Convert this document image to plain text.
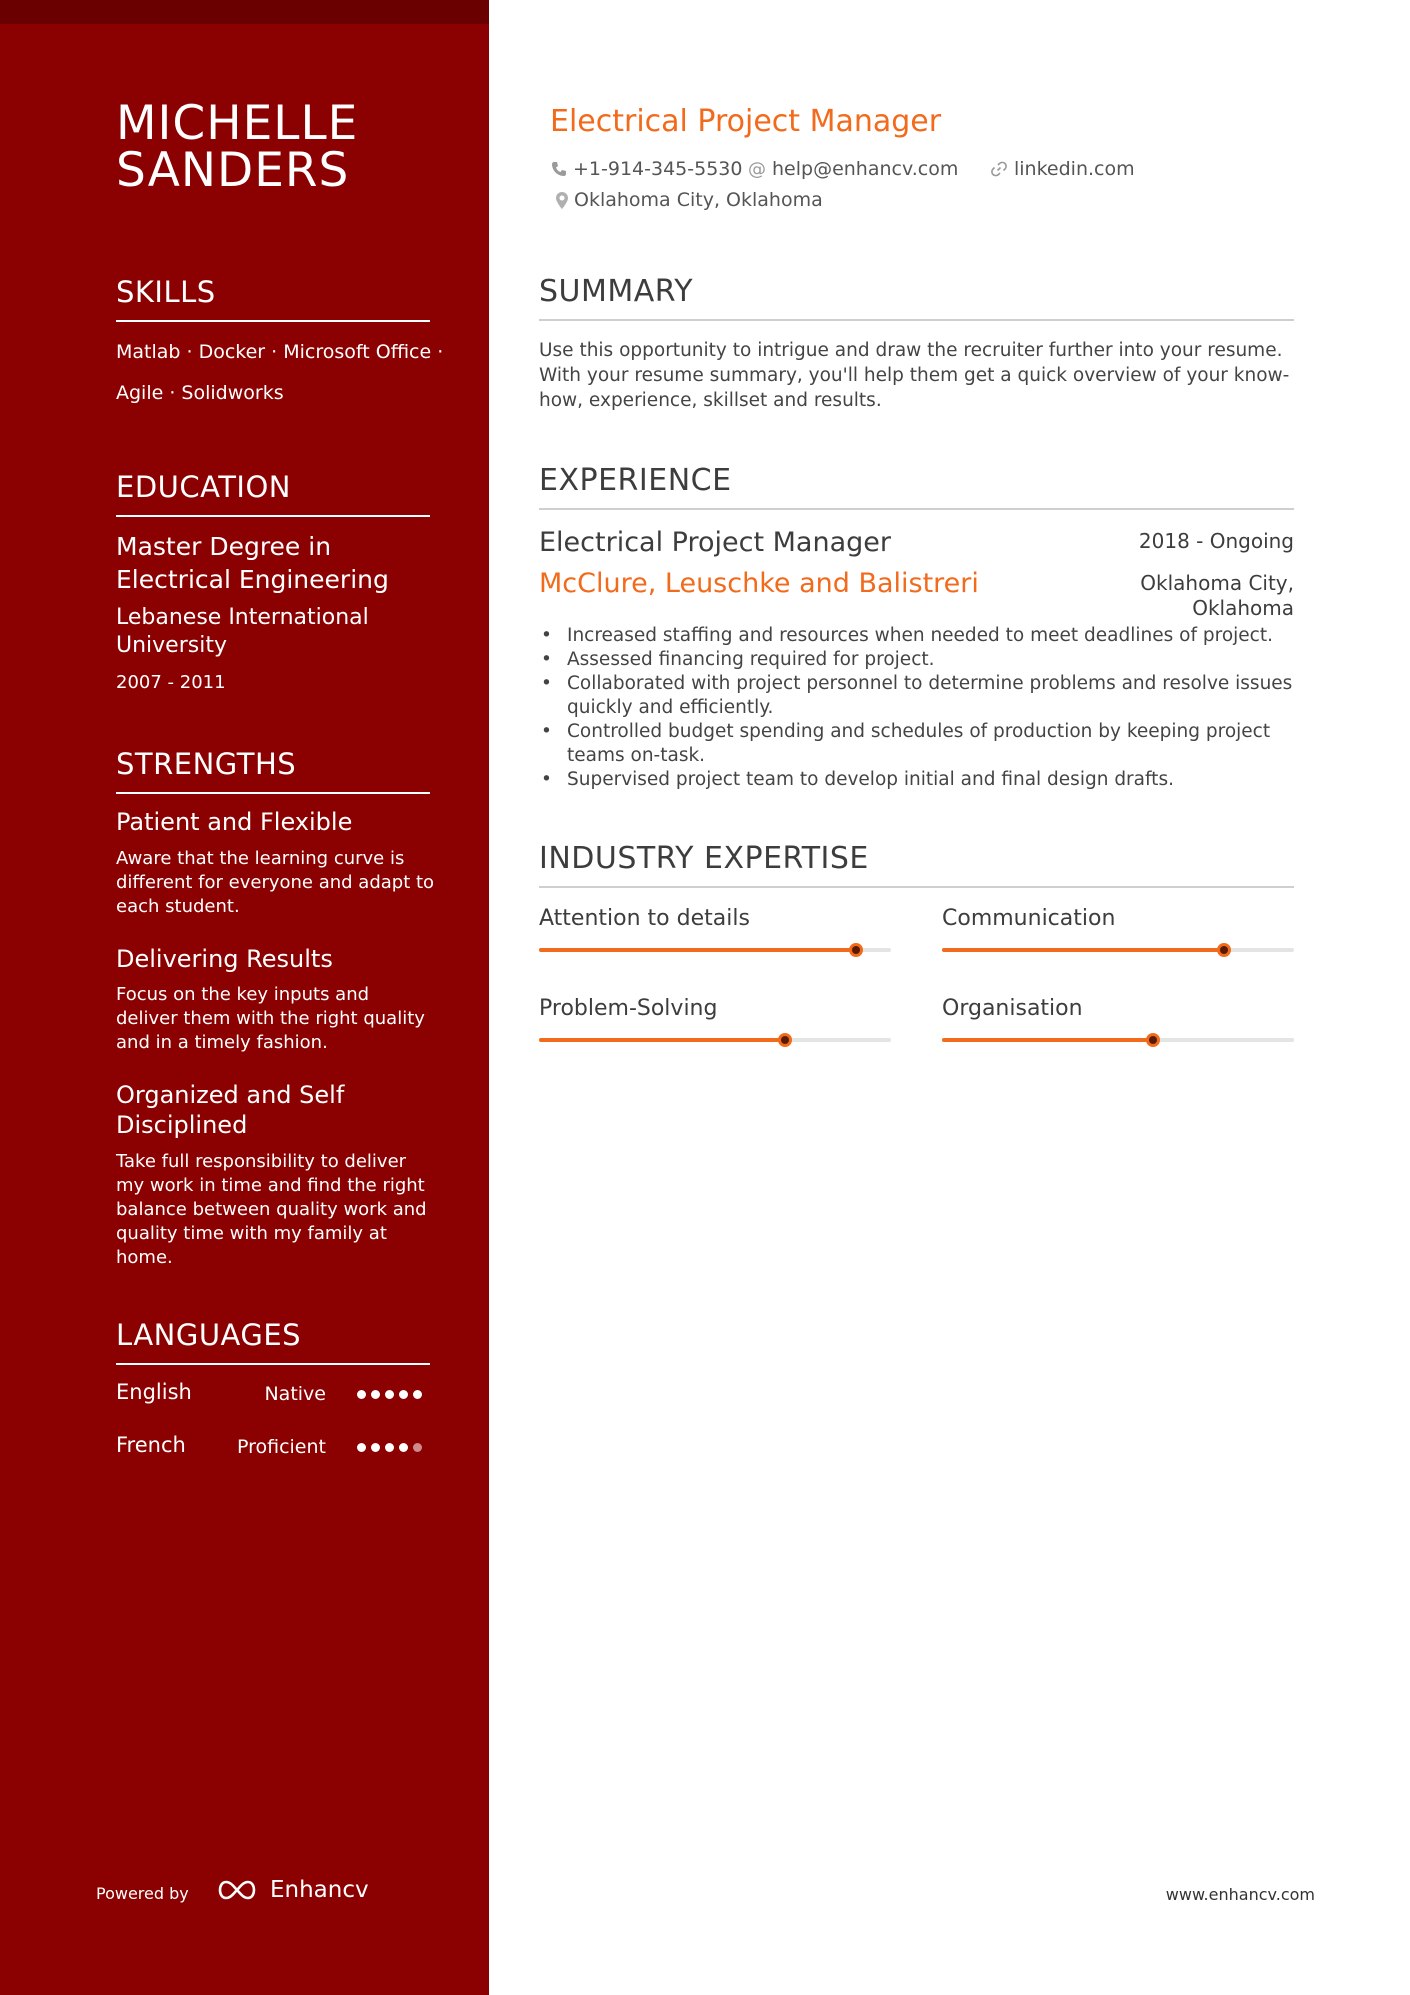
MICHELLE
SANDERS
SKILLS
Matlab · Docker · Microsoft Office ·
Agile · Solidworks
EDUCATION
Master Degree in Electrical Engineering
Lebanese International University
2007 - 2011
STRENGTHS
Patient and Flexible
Aware that the learning curve is different for everyone and adapt to each student.
Delivering Results
Focus on the key inputs and deliver them with the right quality and in a timely fashion.
Organized and Self Disciplined
Take full responsibility to deliver my work in time and find the right balance between quality work and quality time with my family at home.
LANGUAGES
English	Native
French	Proficient
Powered by	Enhancv
Electrical Project Manager
+1-914-345-5530 @ help@enhancv.com	linkedin.com
Oklahoma City, Oklahoma
SUMMARY
Use this opportunity to intrigue and draw the recruiter further into your resume. With your resume summary, you'll help them get a quick overview of your know-how, experience, skillset and results.
EXPERIENCE
Electrical Project Manager	2018 - Ongoing
McClure, Leuschke and Balistreri	Oklahoma City, Oklahoma
• Increased staffing and resources when needed to meet deadlines of project.
• Assessed financing required for project.
• Collaborated with project personnel to determine problems and resolve issues quickly and efficiently.
• Controlled budget spending and schedules of production by keeping project teams on-task.
• Supervised project team to develop initial and final design drafts.
INDUSTRY EXPERTISE
Attention to details	Communication
Problem-Solving	Organisation
www.enhancv.com
